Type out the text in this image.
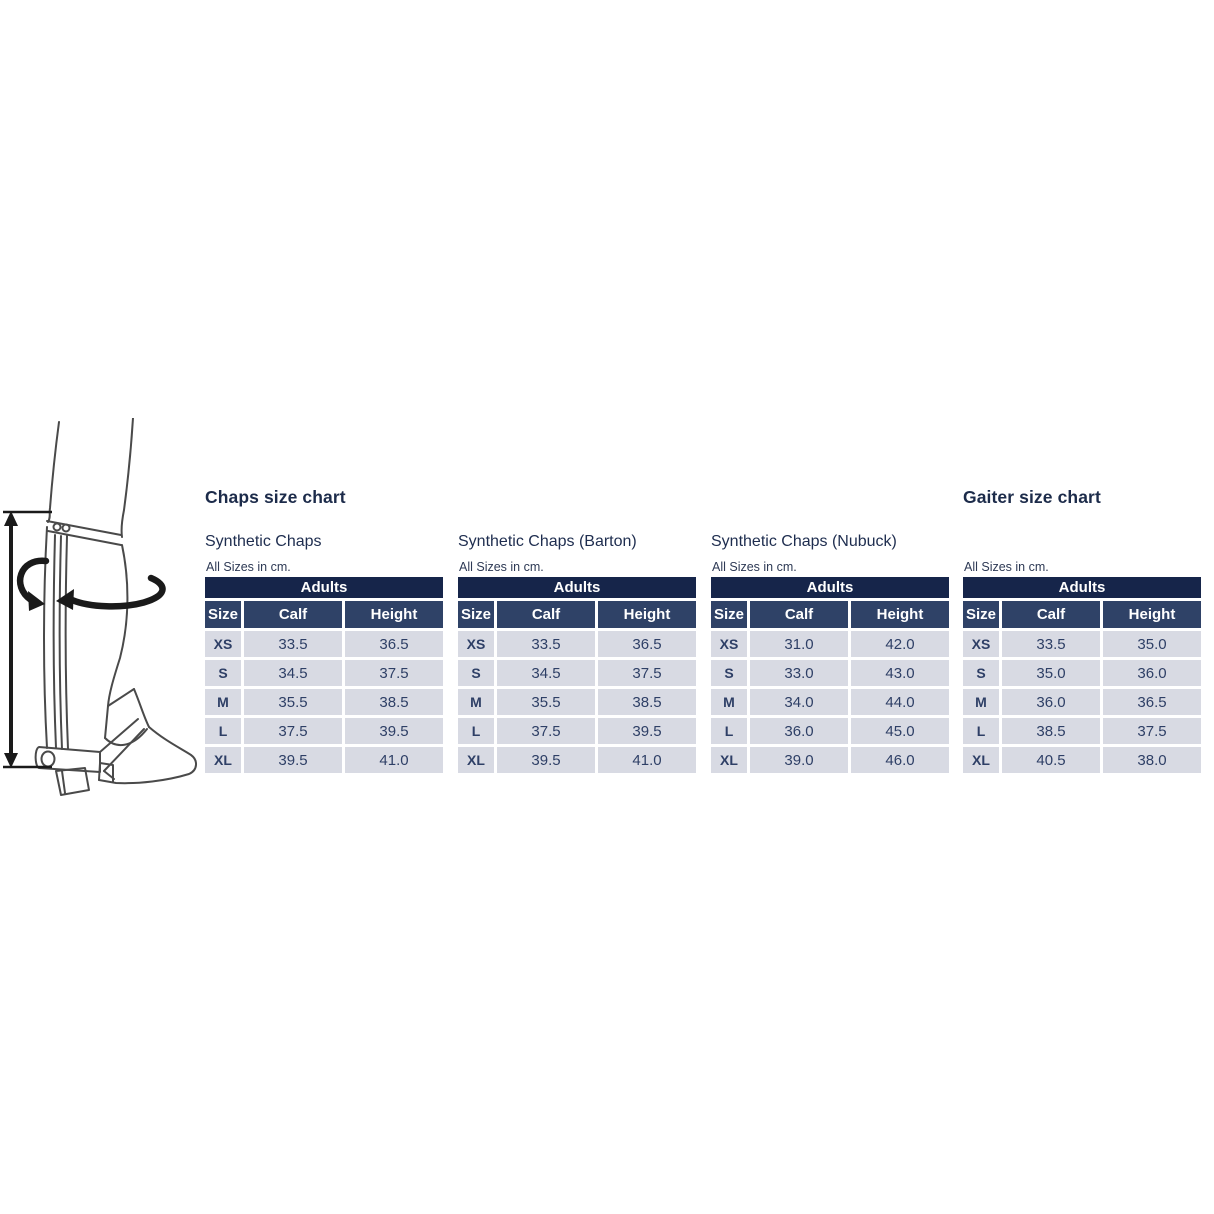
Chaps size chart	Gaiter size chart
Synthetic Chaps
All Sizes in cm.
Adults		
Size	Calf	Height
XS	33.5	36.5
S	34.5	37.5
M	35.5	38.5
L	37.5	39.5
XL	39.5	41.0
Synthetic Chaps (Barton)
All Sizes in cm.
Adults		
Size	Calf	Height
XS	33.5	36.5
S	34.5	37.5
M	35.5	38.5
L	37.5	39.5
XL	39.5	41.0
Synthetic Chaps (Nubuck)
All Sizes in cm.
Adults		
Size	Calf	Height
XS	31.0	42.0
S	33.0	43.0
M	34.0	44.0
L	36.0	45.0
XL	39.0	46.0
All Sizes in cm.
Adults		
Size	Calf	Height
XS	33.5	35.0
S	35.0	36.0
M	36.0	36.5
L	38.5	37.5
XL	40.5	38.0
